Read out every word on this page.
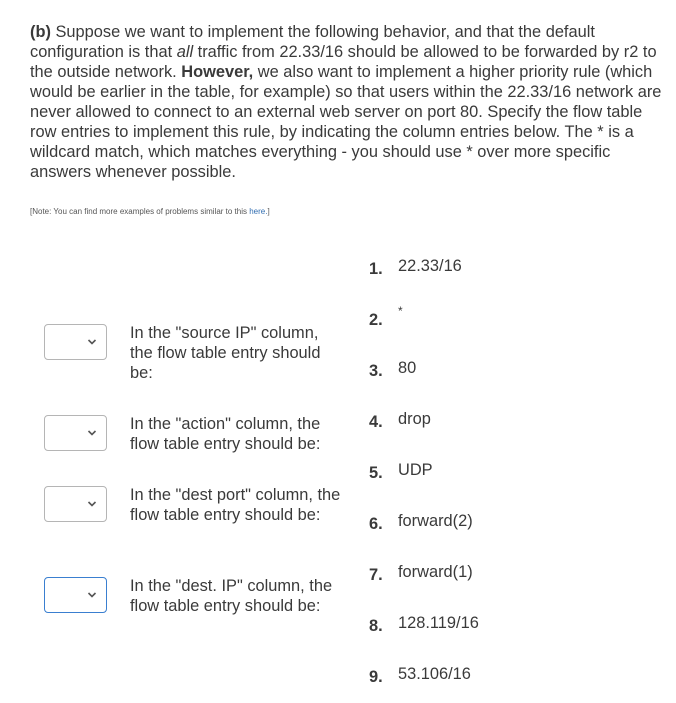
(b) Suppose we want to implement the following behavior, and that the default configuration is that all traffic from 22.33/16 should be allowed to be forwarded by r2 to the outside network. However, we also want to implement a higher priority rule (which would be earlier in the table, for example) so that users within the 22.33/16 network are never allowed to connect to an external web server on port 80. Specify the flow table row entries to implement this rule, by indicating the column entries below. The * is a wildcard match, which matches everything - you should use * over more specific answers whenever possible.
[Note: You can find more examples of problems similar to this here.]
In the "source IP" column, the flow table entry should be:
In the "action" column, the flow table entry should be:
In the "dest port" column, the flow table entry should be:
In the "dest. IP" column, the flow table entry should be:
1. 22.33/16
2. *
3. 80
4. drop
5. UDP
6. forward(2)
7. forward(1)
8. 128.119/16
9. 53.106/16
